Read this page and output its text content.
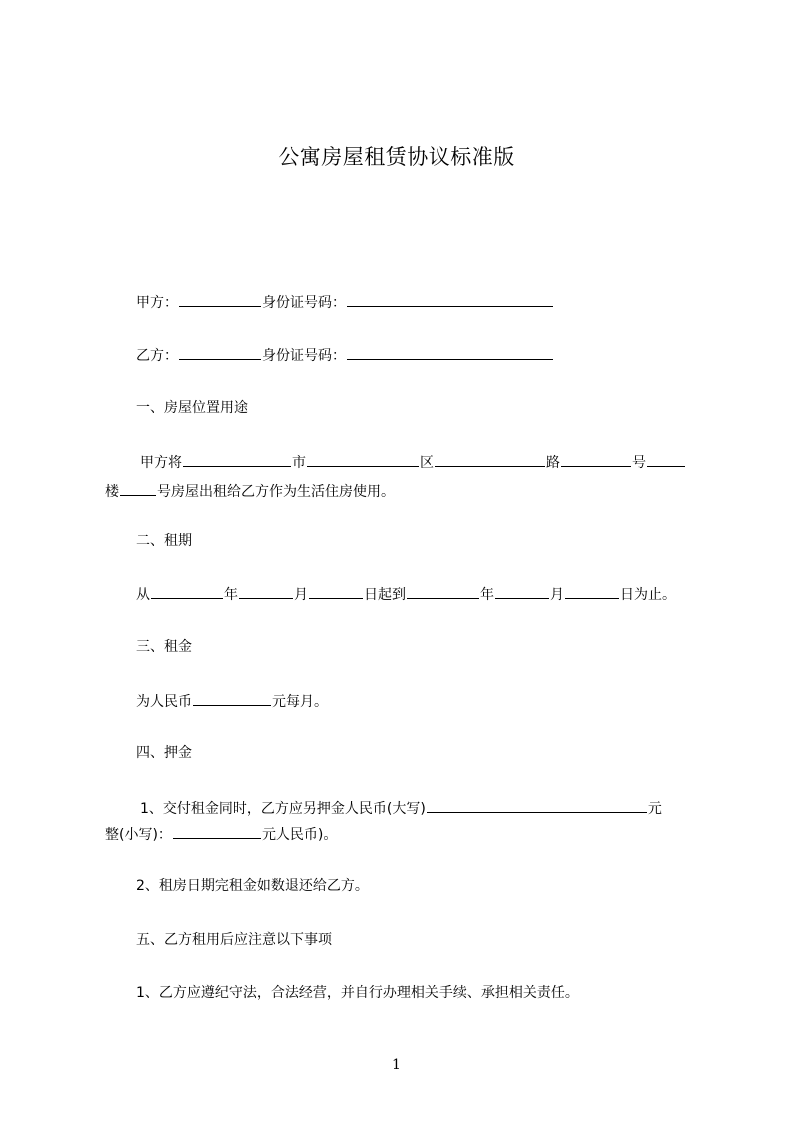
公寓房屋租赁协议标准版
甲方：	身份证号码：
乙方：	身份证号码：
一、房屋位置用途
甲方将	市	区	路	号
楼	号房屋出租给乙方作为生活住房使用。
二、租期
从	年	月	日起到	年	月	日为止。
三、租金
为人民币	元每月。
四、押金
1、交付租金同时，乙方应另押金人民币(大写)	元
整(小写)：	元人民币)。
2、租房日期完租金如数退还给乙方。
五、乙方租用后应注意以下事项
1、乙方应遵纪守法，合法经营，并自行办理相关手续、承担相关责任。
1
